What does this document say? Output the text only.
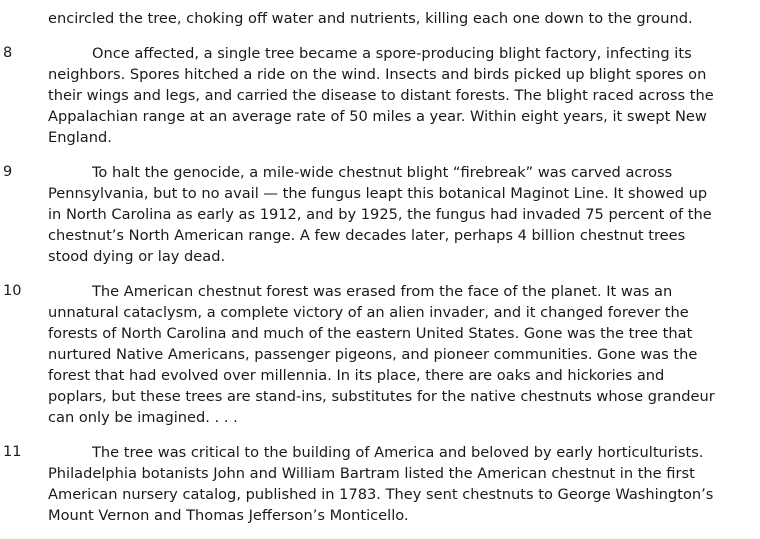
encircled the tree, choking off water and nutrients, killing each one down to the ground.
8	Once affected, a single tree became a spore-producing blight factory, infecting its neighbors. Spores hitched a ride on the wind. Insects and birds picked up blight spores on their wings and legs, and carried the disease to distant forests. The blight raced across the Appalachian range at an average rate of 50 miles a year. Within eight years, it swept New England.
9	To halt the genocide, a mile-wide chestnut blight “firebreak” was carved across Pennsylvania, but to no avail — the fungus leapt this botanical Maginot Line. It showed up in North Carolina as early as 1912, and by 1925, the fungus had invaded 75 percent of the chestnut’s North American range. A few decades later, perhaps 4 billion chestnut trees stood dying or lay dead.
10	The American chestnut forest was erased from the face of the planet. It was an unnatural cataclysm, a complete victory of an alien invader, and it changed forever the forests of North Carolina and much of the eastern United States. Gone was the tree that nurtured Native Americans, passenger pigeons, and pioneer communities. Gone was the forest that had evolved over millennia. In its place, there are oaks and hickories and poplars, but these trees are stand-ins, substitutes for the native chestnuts whose grandeur can only be imagined. . . .
11	The tree was critical to the building of America and beloved by early horticulturists. Philadelphia botanists John and William Bartram listed the American chestnut in the first American nursery catalog, published in 1783. They sent chestnuts to George Washington’s Mount Vernon and Thomas Jefferson’s Monticello.
